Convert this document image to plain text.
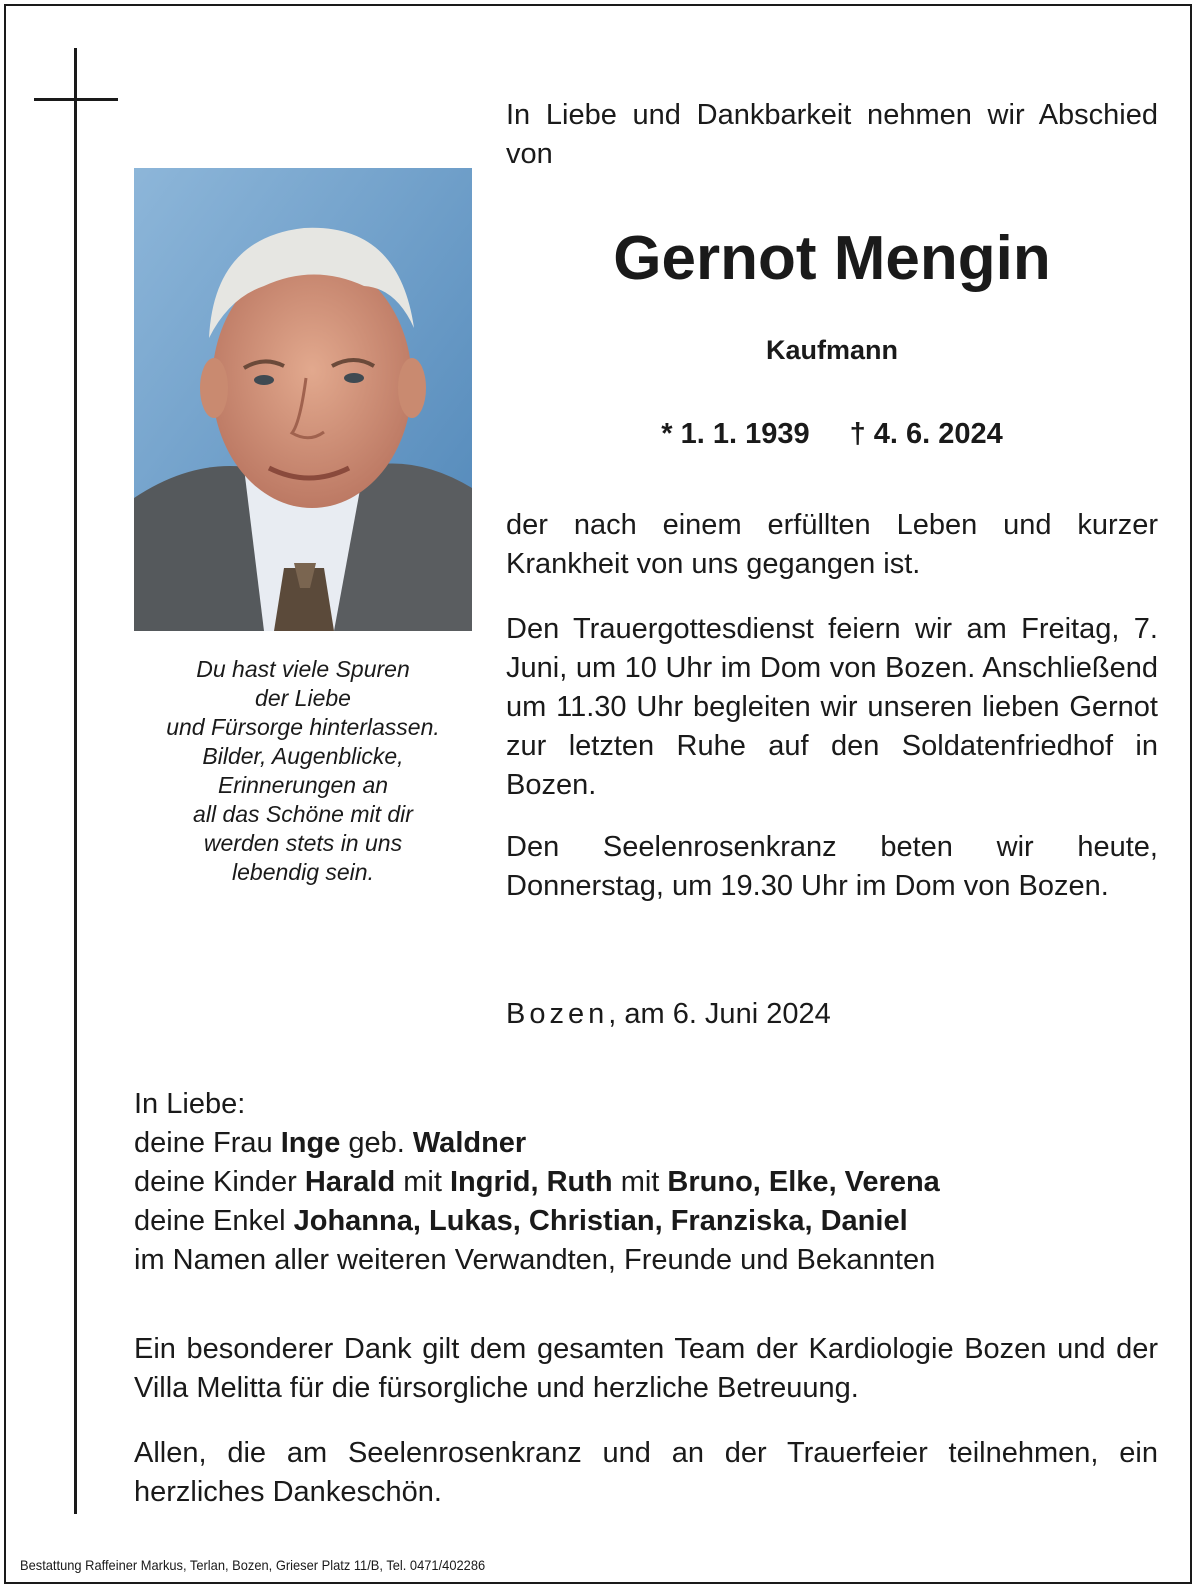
Du hast viele Spuren
der Liebe
und Fürsorge hinterlassen.
Bilder, Augenblicke,
Erinnerungen an
all das Schöne mit dir
werden stets in uns
lebendig sein.
In Liebe und Dankbarkeit nehmen wir Abschied von
Gernot Mengin
Kaufmann
* 1. 1. 1939 † 4. 6. 2024
der nach einem erfüllten Leben und kurzer Krankheit von uns gegangen ist.
Den Trauergottesdienst feiern wir am Freitag, 7. Juni, um 10 Uhr im Dom von Bozen. Anschließend um 11.30 Uhr begleiten wir unseren lieben Gernot zur letzten Ruhe auf den Soldatenfriedhof in Bozen.
Den Seelenrosenkranz beten wir heute, Donnerstag, um 19.30 Uhr im Dom von Bozen.
Bozen, am 6. Juni 2024
In Liebe:
deine Frau Inge geb. Waldner
deine Kinder Harald mit Ingrid, Ruth mit Bruno, Elke, Verena
deine Enkel Johanna, Lukas, Christian, Franziska, Daniel
im Namen aller weiteren Verwandten, Freunde und Bekannten
Ein besonderer Dank gilt dem gesamten Team der Kardiologie Bozen und der Villa Melitta für die fürsorgliche und herzliche Betreuung.
Allen, die am Seelenrosenkranz und an der Trauerfeier teilnehmen, ein herzliches Dankeschön.
Bestattung Raffeiner Markus, Terlan, Bozen, Grieser Platz 11/B, Tel. 0471/402286
